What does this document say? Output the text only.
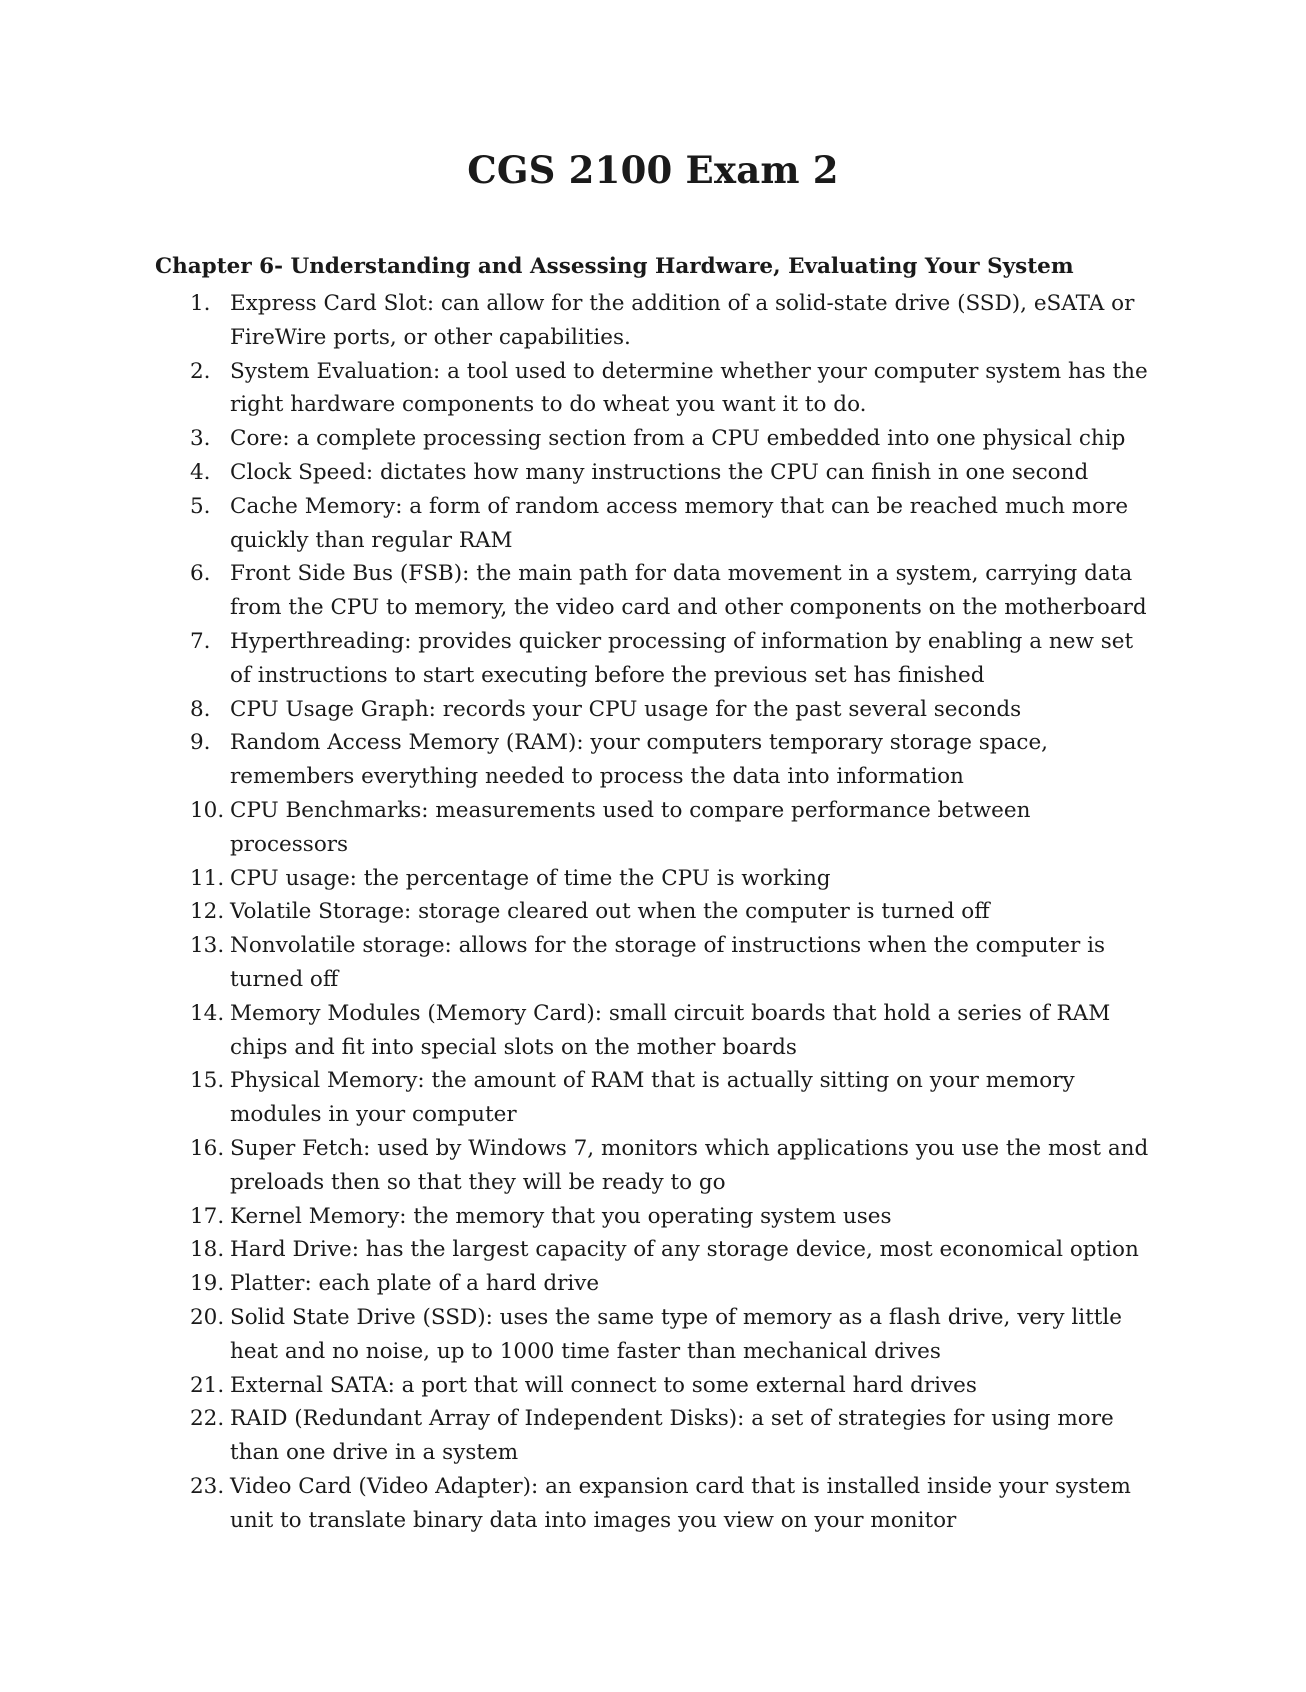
CGS 2100 Exam 2
Chapter 6- Understanding and Assessing Hardware, Evaluating Your System
1. Express Card Slot: can allow for the addition of a solid-state drive (SSD), eSATA or FireWire ports, or other capabilities.
2. System Evaluation: a tool used to determine whether your computer system has the right hardware components to do wheat you want it to do.
3. Core: a complete processing section from a CPU embedded into one physical chip
4. Clock Speed: dictates how many instructions the CPU can finish in one second
5. Cache Memory: a form of random access memory that can be reached much more quickly than regular RAM
6. Front Side Bus (FSB): the main path for data movement in a system, carrying data from the CPU to memory, the video card and other components on the motherboard
7. Hyperthreading: provides quicker processing of information by enabling a new set of instructions to start executing before the previous set has finished
8. CPU Usage Graph: records your CPU usage for the past several seconds
9. Random Access Memory (RAM): your computers temporary storage space, remembers everything needed to process the data into information
10. CPU Benchmarks: measurements used to compare performance between processors
11. CPU usage: the percentage of time the CPU is working
12. Volatile Storage: storage cleared out when the computer is turned off
13. Nonvolatile storage: allows for the storage of instructions when the computer is turned off
14. Memory Modules (Memory Card): small circuit boards that hold a series of RAM chips and fit into special slots on the mother boards
15. Physical Memory: the amount of RAM that is actually sitting on your memory modules in your computer
16. Super Fetch: used by Windows 7, monitors which applications you use the most and preloads then so that they will be ready to go
17. Kernel Memory: the memory that you operating system uses
18. Hard Drive: has the largest capacity of any storage device, most economical option
19. Platter: each plate of a hard drive
20. Solid State Drive (SSD): uses the same type of memory as a flash drive, very little heat and no noise, up to 1000 time faster than mechanical drives
21. External SATA: a port that will connect to some external hard drives
22. RAID (Redundant Array of Independent Disks): a set of strategies for using more than one drive in a system
23. Video Card (Video Adapter): an expansion card that is installed inside your system unit to translate binary data into images you view on your monitor
